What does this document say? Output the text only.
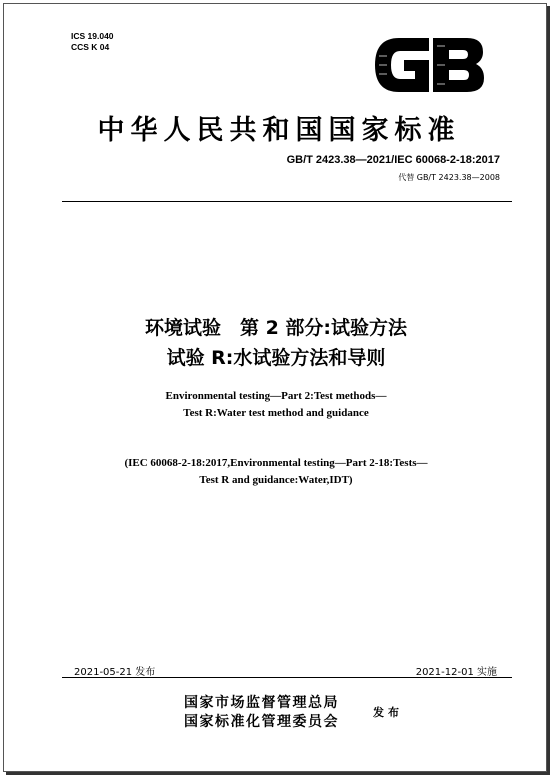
ICS 19.040
CCS K 04
中华人民共和国国家标准
GB/T 2423.38—2021/IEC 60068-2-18:2017
代替 GB/T 2423.38—2008
环境试验　第 2 部分:试验方法
试验 R:水试验方法和导则
Environmental testing—Part 2:Test methods—
Test R:Water test method and guidance
(IEC 60068-2-18:2017,Environmental testing—Part 2-18:Tests—
Test R and guidance:Water,IDT)
2021-05-21 发布	2021-12-01 实施
国家市场监督管理总局
国家标准化管理委员会
发布
